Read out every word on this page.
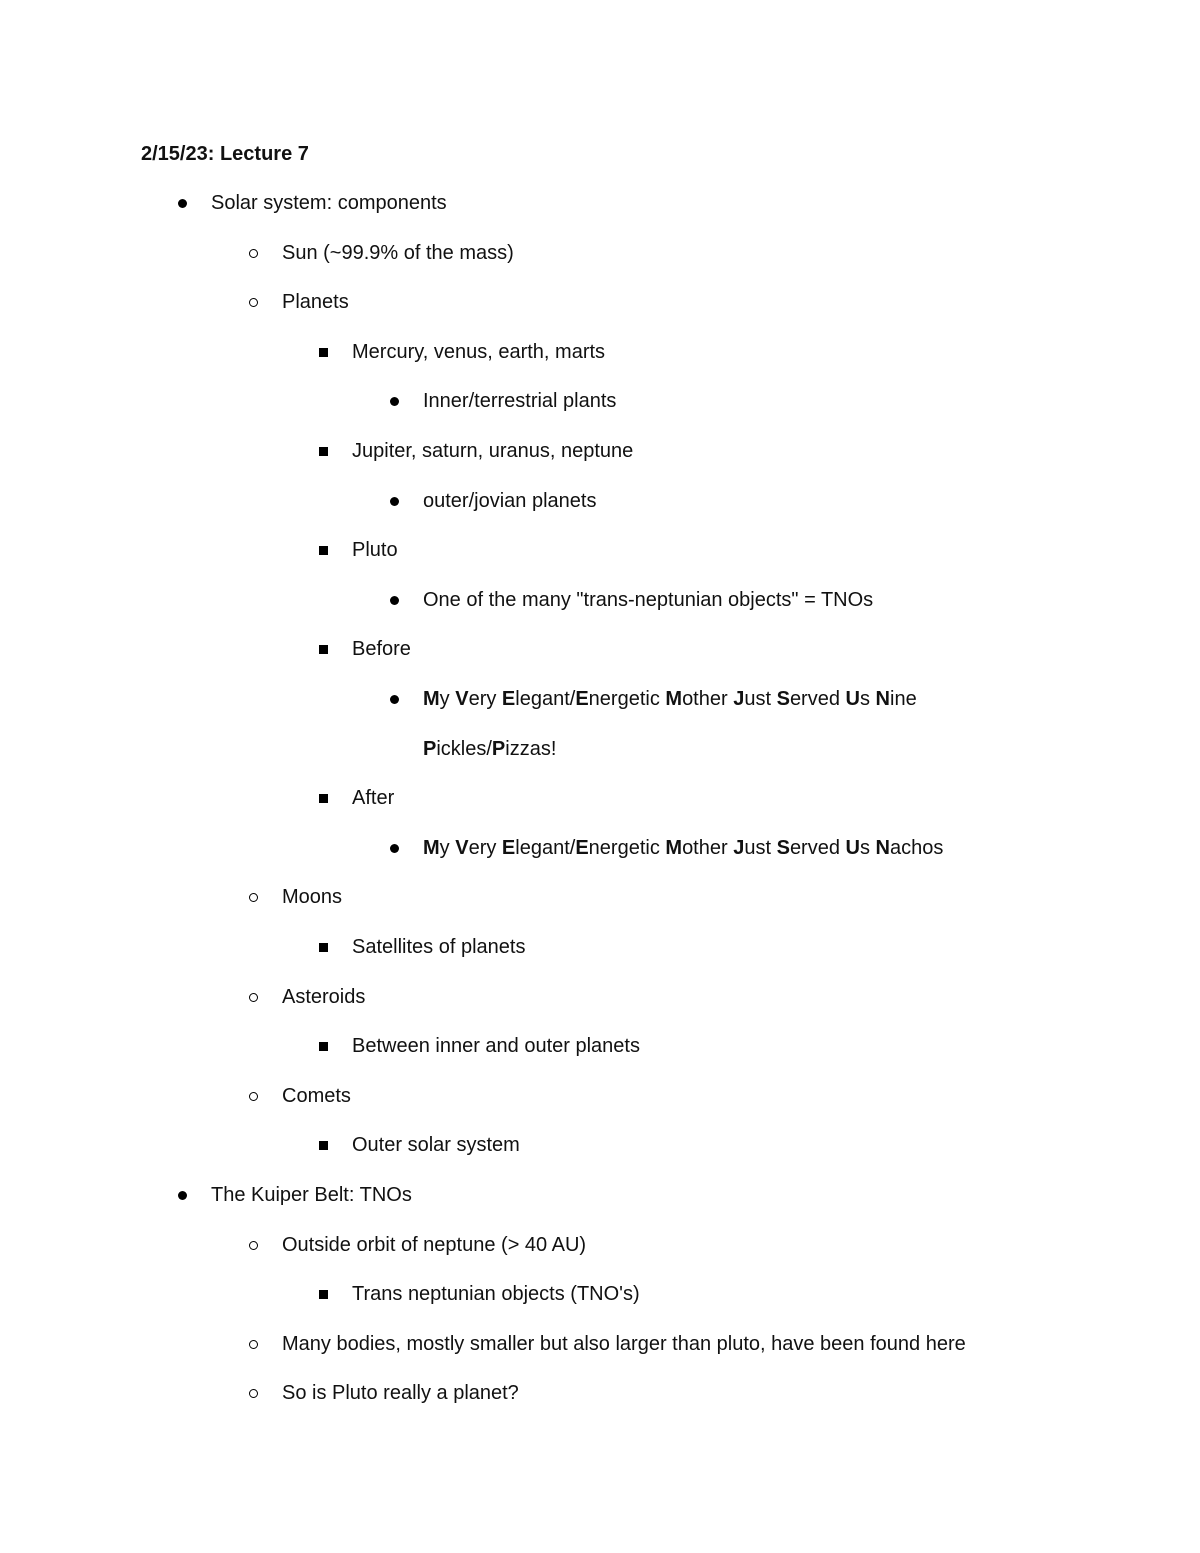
2/15/23: Lecture 7
Solar system: components
Sun (~99.9% of the mass)
Planets
Mercury, venus, earth, marts
Inner/terrestrial plants
Jupiter, saturn, uranus, neptune
outer/jovian planets
Pluto
One of the many "trans-neptunian objects" = TNOs
Before
My Very Elegant/Energetic Mother Just Served Us Nine
Pickles/Pizzas!
After
My Very Elegant/Energetic Mother Just Served Us Nachos
Moons
Satellites of planets
Asteroids
Between inner and outer planets
Comets
Outer solar system
The Kuiper Belt: TNOs
Outside orbit of neptune (> 40 AU)
Trans neptunian objects (TNO's)
Many bodies, mostly smaller but also larger than pluto, have been found here
So is Pluto really a planet?
